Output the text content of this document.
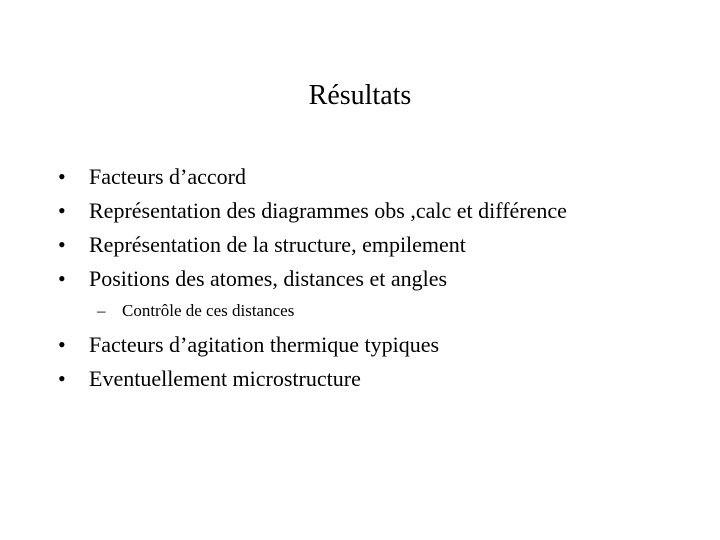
Résultats
•	Facteurs d’accord
•	Représentation des diagrammes obs ,calc et différence
•	Représentation de la structure, empilement
•	Positions des atomes, distances et angles
– Contrôle de ces distances
•	Facteurs d’agitation thermique typiques
•	Eventuellement microstructure
